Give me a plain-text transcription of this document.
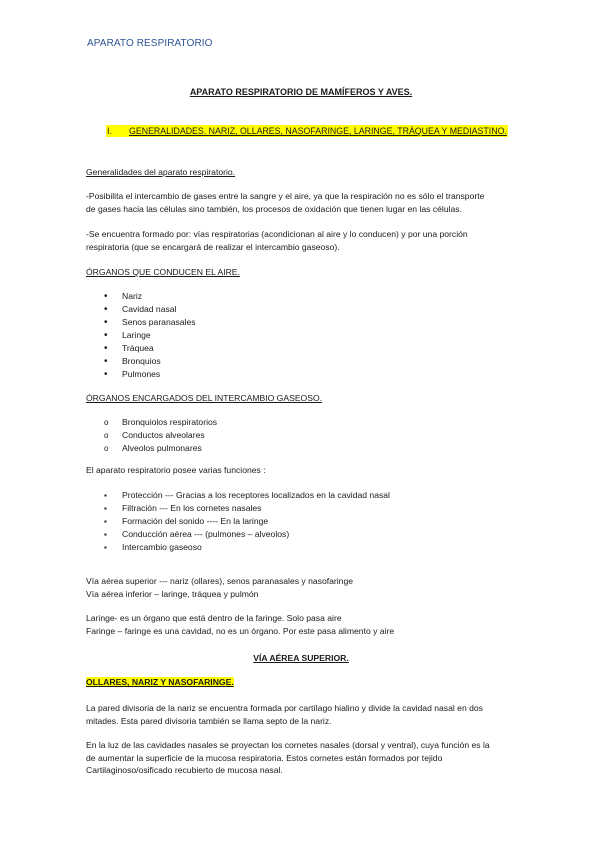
APARATO RESPIRATORIO
APARATO RESPIRATORIO DE MAMÍFEROS Y AVES.
I. GENERALIDADES. NARIZ, OLLARES, NASOFARINGE, LARINGE, TRÁQUEA Y MEDIASTINO.
Generalidades del aparato respiratorio.
-Posibilita el intercambio de gases entre la sangre y el aire, ya que la respiración no es sólo el transporte
de gases hacia las células sino también, los procesos de oxidación que tienen lugar en las células.
-Se encuentra formado por: vías respiratorias (acondicionan al aire y lo conducen) y por una porción
respiratoria (que se encargará de realizar el intercambio gaseoso).
ÓRGANOS QUE CONDUCEN EL AIRE.
• Nariz
• Cavidad nasal
• Senos paranasales
• Laringe
• Tráquea
• Bronquios
• Pulmones
ÓRGANOS ENCARGADOS DEL INTERCAMBIO GASEOSO.
o Bronquiolos respiratorios
o Conductos alveolares
o Alveolos pulmonares
El aparato respiratorio posee varias funciones :
▪ Protección --- Gracias a los receptores localizados en la cavidad nasal
▪ Filtración --- En los cornetes nasales
▪ Formación del sonido ---- En la laringe
▪ Conducción aérea --- (pulmones – alveolos)
▪ Intercambio gaseoso
Vía aérea superior --- nariz (ollares), senos paranasales y nasofaringe
Vía aérea inferior – laringe, tráquea y pulmón
Laringe- es un órgano que está dentro de la faringe. Solo pasa aire
Faringe – faringe es una cavidad, no es un órgano. Por este pasa alimento y aire
VÍA AÉREA SUPERIOR.
OLLARES, NARIZ Y NASOFARINGE.
La pared divisoria de la nariz se encuentra formada por cartílago hialino y divide la cavidad nasal en dos
mitades. Esta pared divisoria también se llama septo de la nariz.
En la luz de las cavidades nasales se proyectan los cornetes nasales (dorsal y ventral), cuya función es la
de aumentar la superficie de la mucosa respiratoria. Estos cornetes están formados por tejido
Cartilaginoso/osificado recubierto de mucosa nasal.
